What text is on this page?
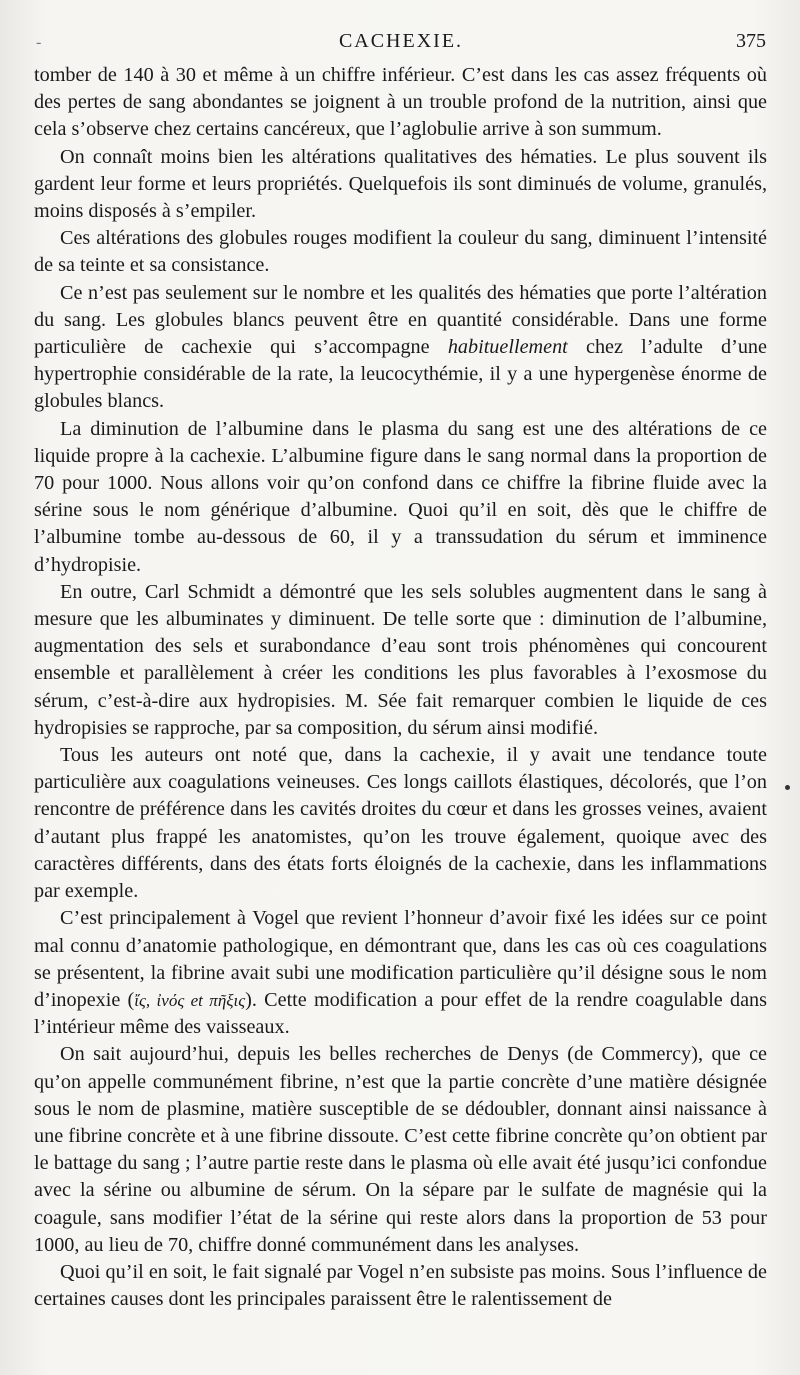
-	CACHEXIE.	375

tomber de 140 à 30 et même à un chiffre inférieur. C’est dans les cas assez fréquents où des pertes de sang abondantes se joignent à un trouble profond de la nutrition, ainsi que cela s’observe chez certains cancéreux, que l’aglobulie arrive à son summum.

On connaît moins bien les altérations qualitatives des hématies. Le plus souvent ils gardent leur forme et leurs propriétés. Quelquefois ils sont diminués de volume, granulés, moins disposés à s’empiler.

Ces altérations des globules rouges modifient la couleur du sang, diminuent l’intensité de sa teinte et sa consistance.

Ce n’est pas seulement sur le nombre et les qualités des hématies que porte l’altération du sang. Les globules blancs peuvent être en quantité considérable. Dans une forme particulière de cachexie qui s’accompagne habituellement chez l’adulte d’une hypertrophie considérable de la rate, la leucocythémie, il y a une hypergenèse énorme de globules blancs.

La diminution de l’albumine dans le plasma du sang est une des altérations de ce liquide propre à la cachexie. L’albumine figure dans le sang normal dans la proportion de 70 pour 1000. Nous allons voir qu’on confond dans ce chiffre la fibrine fluide avec la sérine sous le nom générique d’albumine. Quoi qu’il en soit, dès que le chiffre de l’albumine tombe au-dessous de 60, il y a transsudation du sérum et imminence d’hydropisie.

En outre, Carl Schmidt a démontré que les sels solubles augmentent dans le sang à mesure que les albuminates y diminuent. De telle sorte que : diminution de l’albumine, augmentation des sels et surabondance d’eau sont trois phénomènes qui concourent ensemble et parallèlement à créer les conditions les plus favorables à l’exosmose du sérum, c’est-à-dire aux hydropisies. M. Sée fait remarquer combien le liquide de ces hydropisies se rapproche, par sa composition, du sérum ainsi modifié.

Tous les auteurs ont noté que, dans la cachexie, il y avait une tendance toute particulière aux coagulations veineuses. Ces longs caillots élastiques, décolorés, que l’on rencontre de préférence dans les cavités droites du cœur et dans les grosses veines, avaient d’autant plus frappé les anatomistes, qu’on les trouve également, quoique avec des caractères différents, dans des états forts éloignés de la cachexie, dans les inflammations par exemple.

C’est principalement à Vogel que revient l’honneur d’avoir fixé les idées sur ce point mal connu d’anatomie pathologique, en démontrant que, dans les cas où ces coagulations se présentent, la fibrine avait subi une modification particulière qu’il désigne sous le nom d’inopexie (ἴς, ἰνός et πῆξις). Cette modification a pour effet de la rendre coagulable dans l’intérieur même des vaisseaux.

On sait aujourd’hui, depuis les belles recherches de Denys (de Commercy), que ce qu’on appelle communément fibrine, n’est que la partie concrète d’une matière désignée sous le nom de plasmine, matière susceptible de se dédoubler, donnant ainsi naissance à une fibrine concrète et à une fibrine dissoute. C’est cette fibrine concrète qu’on obtient par le battage du sang ; l’autre partie reste dans le plasma où elle avait été jusqu’ici confondue avec la sérine ou albumine de sérum. On la sépare par le sulfate de magnésie qui la coagule, sans modifier l’état de la sérine qui reste alors dans la proportion de 53 pour 1000, au lieu de 70, chiffre donné communément dans les analyses.

Quoi qu’il en soit, le fait signalé par Vogel n’en subsiste pas moins. Sous l’influence de certaines causes dont les principales paraissent être le ralentissement de
